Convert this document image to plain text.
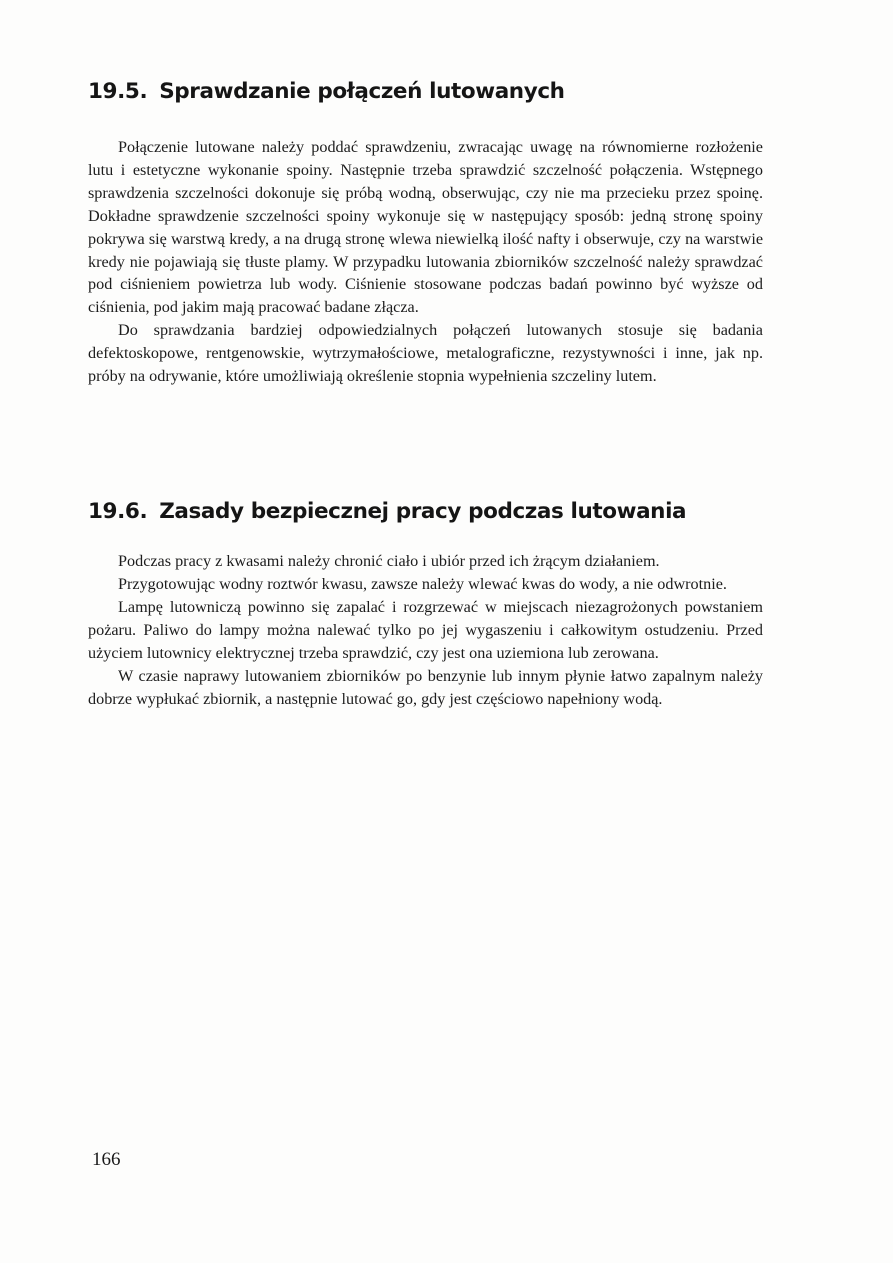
19.5. Sprawdzanie połączeń lutowanych

Połączenie lutowane należy poddać sprawdzeniu, zwracając uwagę na równomierne rozłożenie lutu i estetyczne wykonanie spoiny. Następnie trzeba sprawdzić szczelność połączenia. Wstępnego sprawdzenia szczelności dokonuje się próbą wodną, obserwując, czy nie ma przecieku przez spoinę. Dokładne sprawdzenie szczelności spoiny wykonuje się w następujący sposób: jedną stronę spoiny pokrywa się warstwą kredy, a na drugą stronę wlewa niewielką ilość nafty i obserwuje, czy na warstwie kredy nie pojawiają się tłuste plamy. W przypadku lutowania zbiorników szczelność należy sprawdzać pod ciśnieniem powietrza lub wody. Ciśnienie stosowane podczas badań powinno być wyższe od ciśnienia, pod jakim mają pracować badane złącza.

Do sprawdzania bardziej odpowiedzialnych połączeń lutowanych stosuje się badania defektoskopowe, rentgenowskie, wytrzymałościowe, metalograficzne, rezystywności i inne, jak np. próby na odrywanie, które umożliwiają określenie stopnia wypełnienia szczeliny lutem.

19.6. Zasady bezpiecznej pracy podczas lutowania

Podczas pracy z kwasami należy chronić ciało i ubiór przed ich żrącym działaniem.

Przygotowując wodny roztwór kwasu, zawsze należy wlewać kwas do wody, a nie odwrotnie.

Lampę lutowniczą powinno się zapalać i rozgrzewać w miejscach niezagrożonych powstaniem pożaru. Paliwo do lampy można nalewać tylko po jej wygaszeniu i całkowitym ostudzeniu. Przed użyciem lutownicy elektrycznej trzeba sprawdzić, czy jest ona uziemiona lub zerowana.

W czasie naprawy lutowaniem zbiorników po benzynie lub innym płynie łatwo zapalnym należy dobrze wypłukać zbiornik, a następnie lutować go, gdy jest częściowo napełniony wodą.

166
